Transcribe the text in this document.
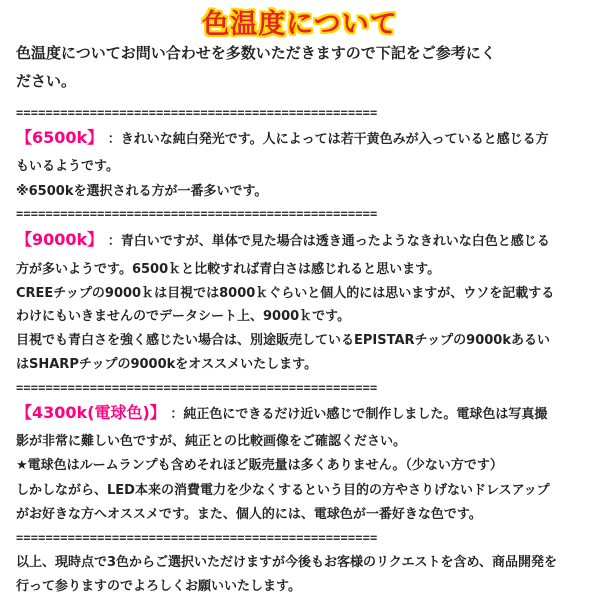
色温度について
色温度についてお問い合わせを多数いただきますので下記をご参考にく
ださい。
=================================================
【6500k】 ：きれいな純白発光です。人によっては若干黄色みが入っていると感じる方
もいるようです。
※6500kを選択される方が一番多いです。
=================================================
【9000k】 ：青白いですが、単体で見た場合は透き通ったようなきれいな白色と感じる
方が多いようです。6500ｋと比較すれば青白さは感じれると思います。
CREEチップの9000ｋは目視では8000ｋぐらいと個人的には思いますが、ウソを記載する
わけにもいきませんのでデータシート上、9000ｋです。
目視でも青白さを強く感じたい場合は、別途販売しているEPISTARチップの9000kあるい
はSHARPチップの9000kをオススメいたします。
=================================================
【4300k(電球色)】 ：純正色にできるだけ近い感じで制作しました。電球色は写真撮
影が非常に難しい色ですが、純正との比較画像をご確認ください。
★電球色はルームランプも含めそれほど販売量は多くありません。（少ない方です）
しかしながら、LED本来の消費電力を少なくするという目的の方やさりげないドレスアップ
がお好きな方へオススメです。また、個人的には、電球色が一番好きな色です。
=================================================
以上、現時点で3色からご選択いただけますが今後もお客様のリクエストを含め、商品開発を
行って参りますのでよろしくお願いいたします。
